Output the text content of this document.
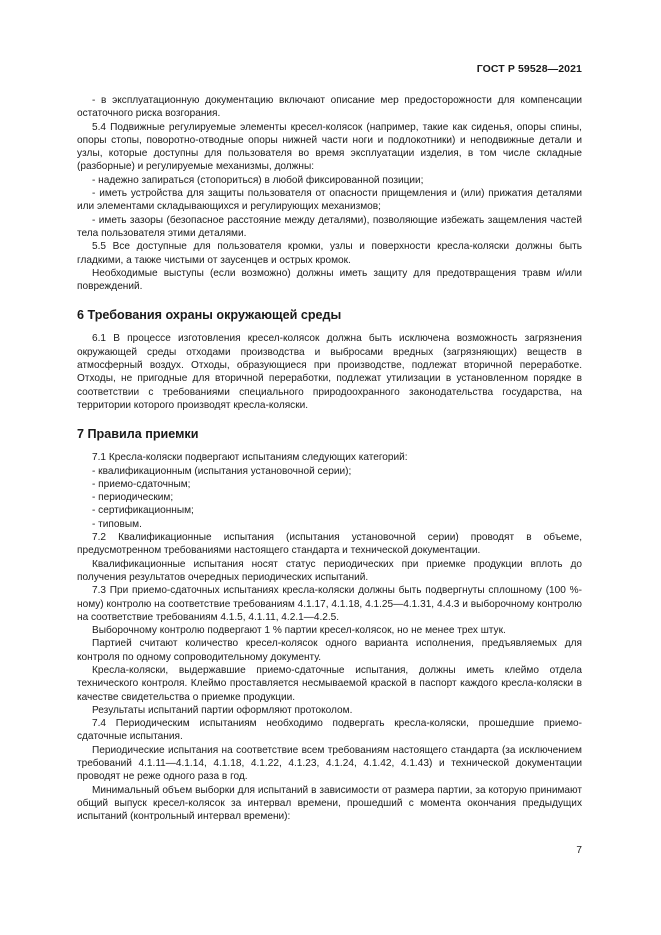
ГОСТ Р 59528—2021

- в эксплуатационную документацию включают описание мер предосторожности для компенсации остаточного риска возгорания.

5.4 Подвижные регулируемые элементы кресел-колясок (например, такие как сиденья, опоры спины, опоры стопы, поворотно-отводные опоры нижней части ноги и подлокотники) и неподвижные детали и узлы, которые доступны для пользователя во время эксплуатации изделия, в том числе складные (разборные) и регулируемые механизмы, должны:

- надежно запираться (стопориться) в любой фиксированной позиции;

- иметь устройства для защиты пользователя от опасности прищемления и (или) прижатия деталями или элементами складывающихся и регулирующих механизмов;

- иметь зазоры (безопасное расстояние между деталями), позволяющие избежать защемления частей тела пользователя этими деталями.

5.5 Все доступные для пользователя кромки, узлы и поверхности кресла-коляски должны быть гладкими, а также чистыми от заусенцев и острых кромок.

Необходимые выступы (если возможно) должны иметь защиту для предотвращения травм и/или повреждений.

6 Требования охраны окружающей среды

6.1 В процессе изготовления кресел-колясок должна быть исключена возможность загрязнения окружающей среды отходами производства и выбросами вредных (загрязняющих) веществ в атмосферный воздух. Отходы, образующиеся при производстве, подлежат вторичной переработке. Отходы, не пригодные для вторичной переработки, подлежат утилизации в установленном порядке в соответствии с требованиями специального природоохранного законодательства государства, на территории которого производят кресла-коляски.

7 Правила приемки

7.1 Кресла-коляски подвергают испытаниям следующих категорий:

- квалификационным (испытания установочной серии);

- приемо-сдаточным;

- периодическим;

- сертификационным;

- типовым.

7.2 Квалификационные испытания (испытания установочной серии) проводят в объеме, предусмотренном требованиями настоящего стандарта и технической документации.

Квалификационные испытания носят статус периодических при приемке продукции вплоть до получения результатов очередных периодических испытаний.

7.3 При приемо-сдаточных испытаниях кресла-коляски должны быть подвергнуты сплошному (100 %-ному) контролю на соответствие требованиям 4.1.17, 4.1.18, 4.1.25—4.1.31, 4.4.3 и выборочному контролю на соответствие требованиям 4.1.5, 4.1.11, 4.2.1—4.2.5.

Выборочному контролю подвергают 1 % партии кресел-колясок, но не менее трех штук.

Партией считают количество кресел-колясок одного варианта исполнения, предъявляемых для контроля по одному сопроводительному документу.

Кресла-коляски, выдержавшие приемо-сдаточные испытания, должны иметь клеймо отдела технического контроля. Клеймо проставляется несмываемой краской в паспорт каждого кресла-коляски в качестве свидетельства о приемке продукции.

Результаты испытаний партии оформляют протоколом.

7.4 Периодическим испытаниям необходимо подвергать кресла-коляски, прошедшие приемо-сдаточные испытания.

Периодические испытания на соответствие всем требованиям настоящего стандарта (за исключением требований 4.1.11—4.1.14, 4.1.18, 4.1.22, 4.1.23, 4.1.24, 4.1.42, 4.1.43) и технической документации проводят не реже одного раза в год.

Минимальный объем выборки для испытаний в зависимости от размера партии, за которую принимают общий выпуск кресел-колясок за интервал времени, прошедший с момента окончания предыдущих испытаний (контрольный интервал времени):

7
